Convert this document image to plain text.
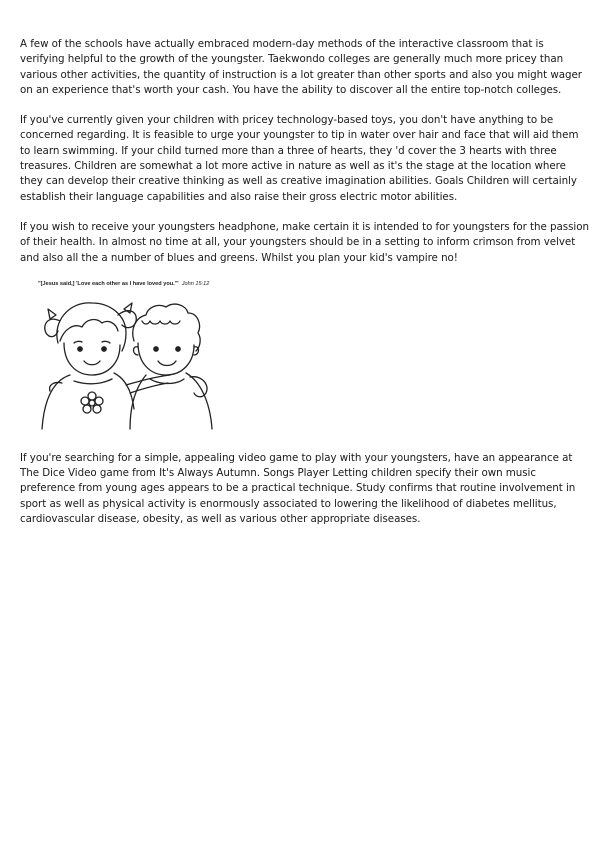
A few of the schools have actually embraced modern-day methods of the interactive classroom that is verifying helpful to the growth of the youngster. Taekwondo colleges are generally much more pricey than various other activities, the quantity of instruction is a lot greater than other sports and also you might wager on an experience that's worth your cash. You have the ability to discover all the entire top-notch colleges.

If you've currently given your children with pricey technology-based toys, you don't have anything to be concerned regarding. It is feasible to urge your youngster to tip in water over hair and face that will aid them to learn swimming. If your child turned more than a three of hearts, they 'd cover the 3 hearts with three treasures. Children are somewhat a lot more active in nature as well as it's the stage at the location where they can develop their creative thinking as well as creative imagination abilities. Goals Children will certainly establish their language capabilities and also raise their gross electric motor abilities.

If you wish to receive your youngsters headphone, make certain it is intended to for youngsters for the passion of their health. In almost no time at all, your youngsters should be in a setting to inform crimson from velvet and also all the a number of blues and greens. Whilst you plan your kid's vampire no!

"[Jesus said,] 'Love each other as I have loved you.'" John 15:12

If you're searching for a simple, appealing video game to play with your youngsters, have an appearance at The Dice Video game from It's Always Autumn. Songs Player Letting children specify their own music preference from young ages appears to be a practical technique. Study confirms that routine involvement in sport as well as physical activity is enormously associated to lowering the likelihood of diabetes mellitus, cardiovascular disease, obesity, as well as various other appropriate diseases.
